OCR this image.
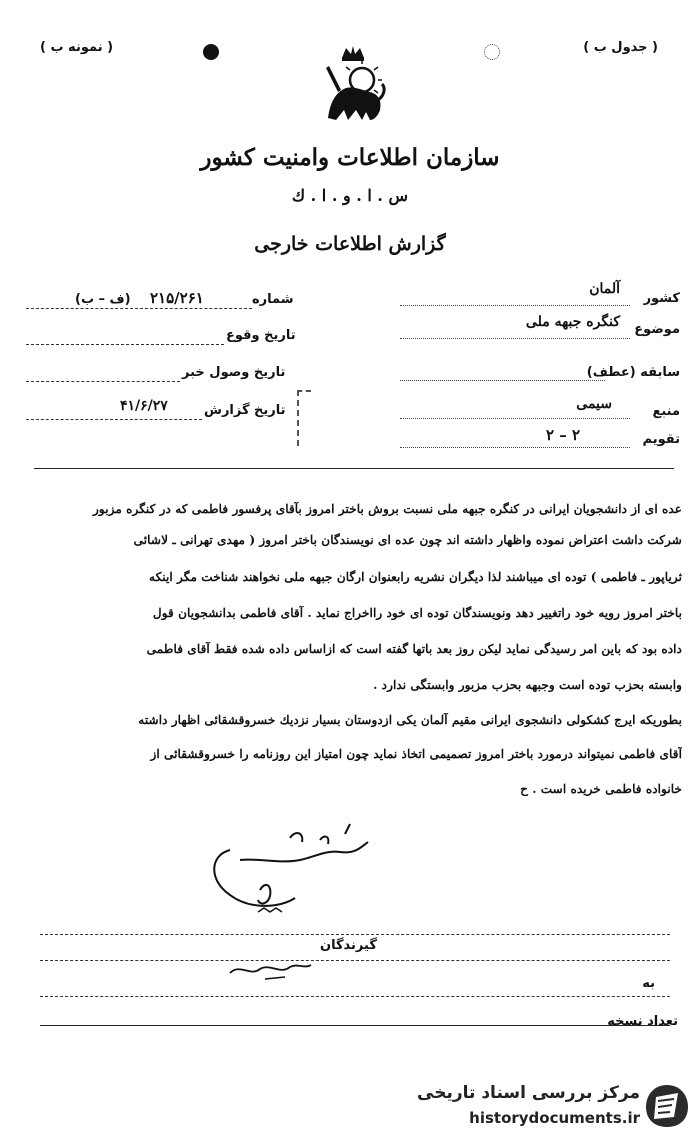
( نمونه ب )	( جدول ب )
سازمان اطلاعات وامنیت کشور
س . ا . و . ا . ك
گزارش اطلاعات خارجی
کشور
آلمان
موضوع
کنگره جبهه ملی
سابقه (عطف)
منبع
سیمی
تقویم
۲ – ۲
شماره
۲۱۵/۲۶۱
(ف – ب)
تاریخ وقوع
تاریخ وصول خبر
تاریخ گزارش
۴۱/۶/۲۷
عده ای از دانشجویان ایرانی در کنگره جبهه ملی نسبت بروش باختر امروز بآقای پرفسور فاطمی که در کنگره مزبور
شرکت داشت اعتراض نموده واظهار داشته اند چون عده ای نویسندگان باختر امروز ( مهدی تهرانی ـ لاشائی
ثریاپور ـ فاطمی ) توده ای میباشند لذا دیگران نشریه رابعنوان ارگان جبهه ملی نخواهند شناخت مگر اینکه
باختر امروز رویه خود راتغییر دهد ونویسندگان توده ای خود رااخراج نماید . آقای فاطمی بدانشجویان قول
داده بود که باین امر رسیدگی نماید لیکن روز بعد باتها گفته است که ازاساس داده شده فقط آقای فاطمی
وابسته بحزب توده است وجبهه بحزب مزبور وابستگی ندارد .
بطوریکه ایرج کشکولی دانشجوی ایرانی مقیم آلمان یکی ازدوستان بسیار نزدیك خسروقشقائی اظهار داشته
آقای فاطمی نمیتواند درمورد باختر امروز تصمیمی اتخاذ نماید چون امتیاز این روزنامه را خسروقشقائی از
خانواده فاطمی خریده است . ح
گیرندگان
به
تعداد نسخه
مرکز بررسی اسناد تاریخی
historydocuments.ir
